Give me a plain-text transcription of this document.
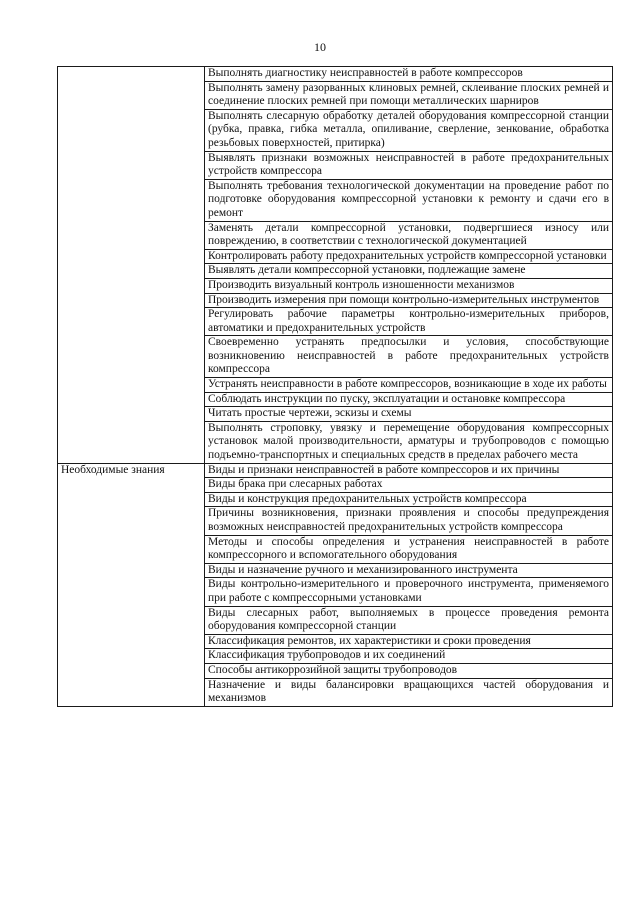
10
	Выполнять диагностику неисправностей в работе компрессоров
	Выполнять замену разорванных клиновых ремней, склеивание плоских ремней и соединение плоских ремней при помощи металлических шарниров
	Выполнять слесарную обработку деталей оборудования компрессорной станции (рубка, правка, гибка металла, опиливание, сверление, зенкование, обработка резьбовых поверхностей, притирка)
	Выявлять признаки возможных неисправностей в работе предохранительных устройств компрессора
	Выполнять требования технологической документации на проведение работ по подготовке оборудования компрессорной установки к ремонту и сдачи его в ремонт
	Заменять детали компрессорной установки, подвергшиеся износу или повреждению, в соответствии с технологической документацией
	Контролировать работу предохранительных устройств компрессорной установки
	Выявлять детали компрессорной установки, подлежащие замене
	Производить визуальный контроль изношенности механизмов
	Производить измерения при помощи контрольно-измерительных инструментов
	Регулировать рабочие параметры контрольно-измерительных приборов, автоматики и предохранительных устройств
	Своевременно устранять предпосылки и условия, способствующие возникновению неисправностей в работе предохранительных устройств компрессора
	Устранять неисправности в работе компрессоров, возникающие в ходе их работы
	Соблюдать инструкции по пуску, эксплуатации и остановке компрессора
	Читать простые чертежи, эскизы и схемы
	Выполнять строповку, увязку и перемещение оборудования компрессорных установок малой производительности, арматуры и трубопроводов с помощью подъемно-транспортных и специальных средств в пределах рабочего места
Необходимые знания	Виды и признаки неисправностей в работе компрессоров и их причины
	Виды брака при слесарных работах
	Виды и конструкция предохранительных устройств компрессора
	Причины возникновения, признаки проявления и способы предупреждения возможных неисправностей предохранительных устройств компрессора
	Методы и способы определения и устранения неисправностей в работе компрессорного и вспомогательного оборудования
	Виды и назначение ручного и механизированного инструмента
	Виды контрольно-измерительного и проверочного инструмента, применяемого при работе с компрессорными установками
	Виды слесарных работ, выполняемых в процессе проведения ремонта оборудования компрессорной станции
	Классификация ремонтов, их характеристики и сроки проведения
	Классификация трубопроводов и их соединений
	Способы антикоррозийной защиты трубопроводов
	Назначение и виды балансировки вращающихся частей оборудования и механизмов
